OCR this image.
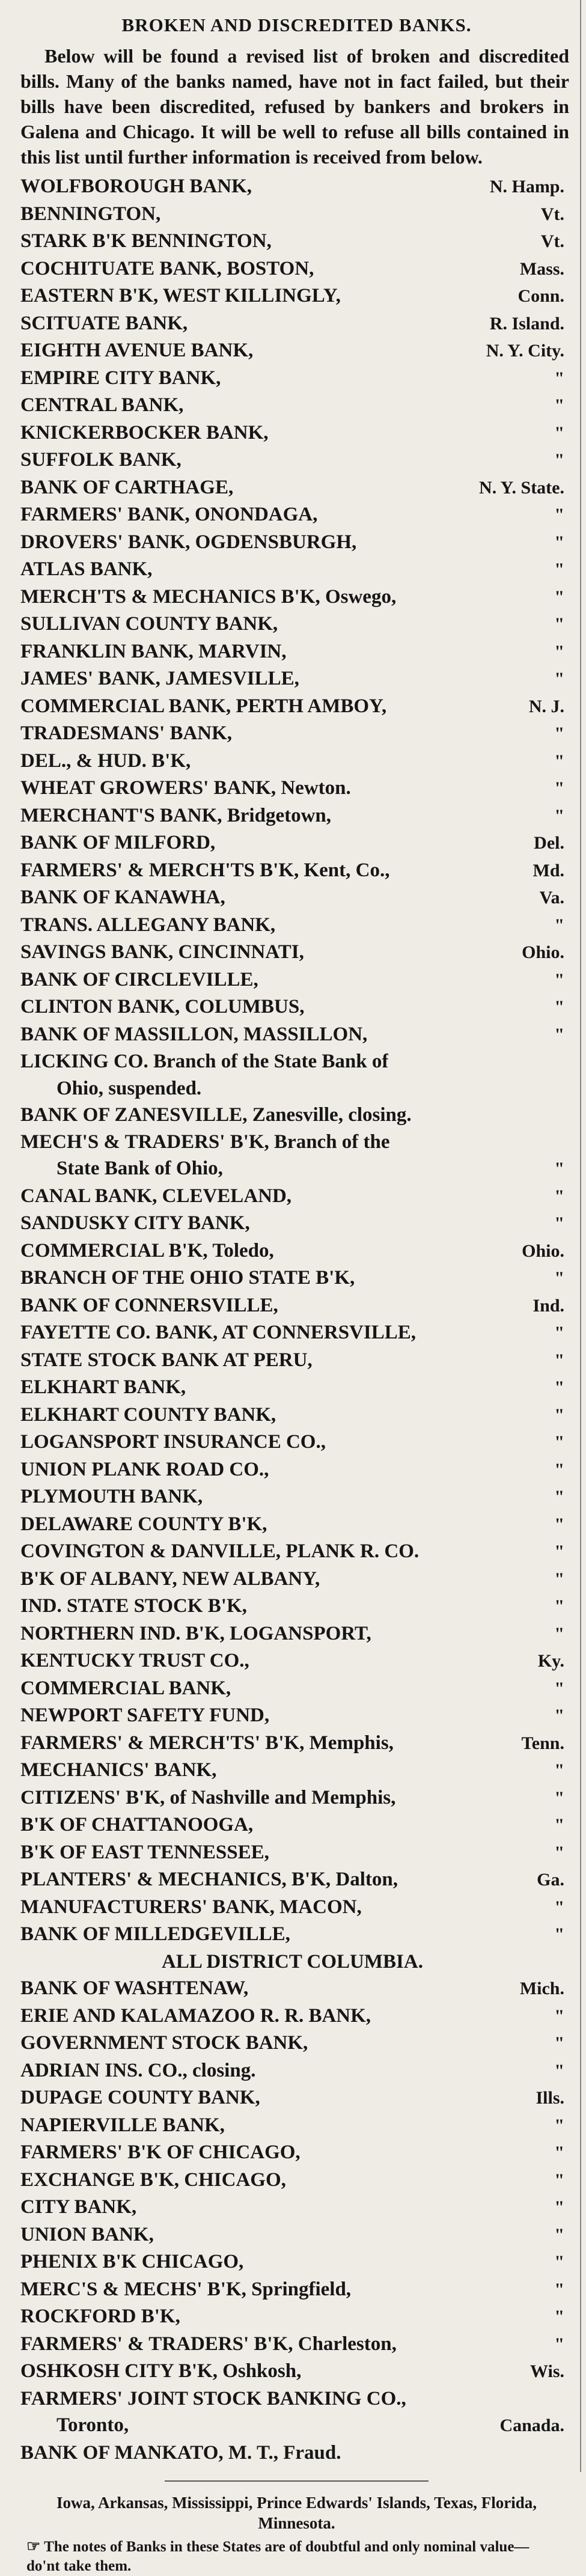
BROKEN AND DISCREDITED BANKS.

Below will be found a revised list of broken and discredited bills. Many of the banks named, have not in fact failed, but their bills have been discredited, refused by bankers and brokers in Galena and Chicago. It will be well to refuse all bills contained in this list until further information is received from below.

WOLFBOROUGH BANK,	N. Hamp.
BENNINGTON,	Vt.
STARK B'K BENNINGTON,	Vt.
COCHITUATE BANK, BOSTON,	Mass.
EASTERN B'K, WEST KILLINGLY,	Conn.
SCITUATE BANK,	R. Island.
EIGHTH AVENUE BANK,	N. Y. City.
EMPIRE CITY BANK,	"
CENTRAL BANK,	"
KNICKERBOCKER BANK,	"
SUFFOLK BANK,	"
BANK OF CARTHAGE,	N. Y. State.
FARMERS' BANK, ONONDAGA,	"
DROVERS' BANK, OGDENSBURGH,	"
ATLAS BANK,	"
MERCH'TS & MECHANICS B'K, Oswego,	"
SULLIVAN COUNTY BANK,	"
FRANKLIN BANK, MARVIN,	"
JAMES' BANK, JAMESVILLE,	"
COMMERCIAL BANK, PERTH AMBOY,	N. J.
TRADESMANS' BANK,	"
DEL., & HUD. B'K,	"
WHEAT GROWERS' BANK, Newton.	"
MERCHANT'S BANK, Bridgetown,	"
BANK OF MILFORD,	Del.
FARMERS' & MERCH'TS B'K, Kent, Co.,	Md.
BANK OF KANAWHA,	Va.
TRANS. ALLEGANY BANK,	"
SAVINGS BANK, CINCINNATI,	Ohio.
BANK OF CIRCLEVILLE,	"
CLINTON BANK, COLUMBUS,	"
BANK OF MASSILLON, MASSILLON,	"
LICKING CO. Branch of the State Bank of
Ohio, suspended.
BANK OF ZANESVILLE, Zanesville, closing.
MECH'S & TRADERS' B'K, Branch of the
State Bank of Ohio,	"
CANAL BANK, CLEVELAND,	"
SANDUSKY CITY BANK,	"
COMMERCIAL B'K, Toledo,	Ohio.
BRANCH OF THE OHIO STATE B'K,	"
BANK OF CONNERSVILLE,	Ind.
FAYETTE CO. BANK, AT CONNERSVILLE,	"
STATE STOCK BANK AT PERU,	"
ELKHART BANK,	"
ELKHART COUNTY BANK,	"
LOGANSPORT INSURANCE CO.,	"
UNION PLANK ROAD CO.,	"
PLYMOUTH BANK,	"
DELAWARE COUNTY B'K,	"
COVINGTON & DANVILLE, PLANK R. CO.	"
B'K OF ALBANY, NEW ALBANY,	"
IND. STATE STOCK B'K,	"
NORTHERN IND. B'K, LOGANSPORT,	"
KENTUCKY TRUST CO.,	Ky.
COMMERCIAL BANK,	"
NEWPORT SAFETY FUND,	"
FARMERS' & MERCH'TS' B'K, Memphis,	Tenn.
MECHANICS' BANK,	"
CITIZENS' B'K, of Nashville and Memphis,	"
B'K OF CHATTANOOGA,	"
B'K OF EAST TENNESSEE,	"
PLANTERS' & MECHANICS, B'K, Dalton,	Ga.
MANUFACTURERS' BANK, MACON,	"
BANK OF MILLEDGEVILLE,	"
ALL DISTRICT COLUMBIA.
BANK OF WASHTENAW,	Mich.
ERIE AND KALAMAZOO R. R. BANK,	"
GOVERNMENT STOCK BANK,	"
ADRIAN INS. CO., closing.	"
DUPAGE COUNTY BANK,	Ills.
NAPIERVILLE BANK,	"
FARMERS' B'K OF CHICAGO,	"
EXCHANGE B'K, CHICAGO,	"
CITY BANK,	"
UNION BANK,	"
PHENIX B'K CHICAGO,	"
MERC'S & MECHS' B'K, Springfield,	"
ROCKFORD B'K,	"
FARMERS' & TRADERS' B'K, Charleston,	"
OSHKOSH CITY B'K, Oshkosh,	Wis.
FARMERS' JOINT STOCK BANKING CO.,
Toronto,	Canada.
BANK OF MANKATO, M. T., Fraud.
Iowa, Arkansas, Mississippi, Prince Edwards' Islands, Texas, Florida, Minnesota.
☞ The notes of Banks in these States are of doubtful and only nominal value—do'nt take them.
